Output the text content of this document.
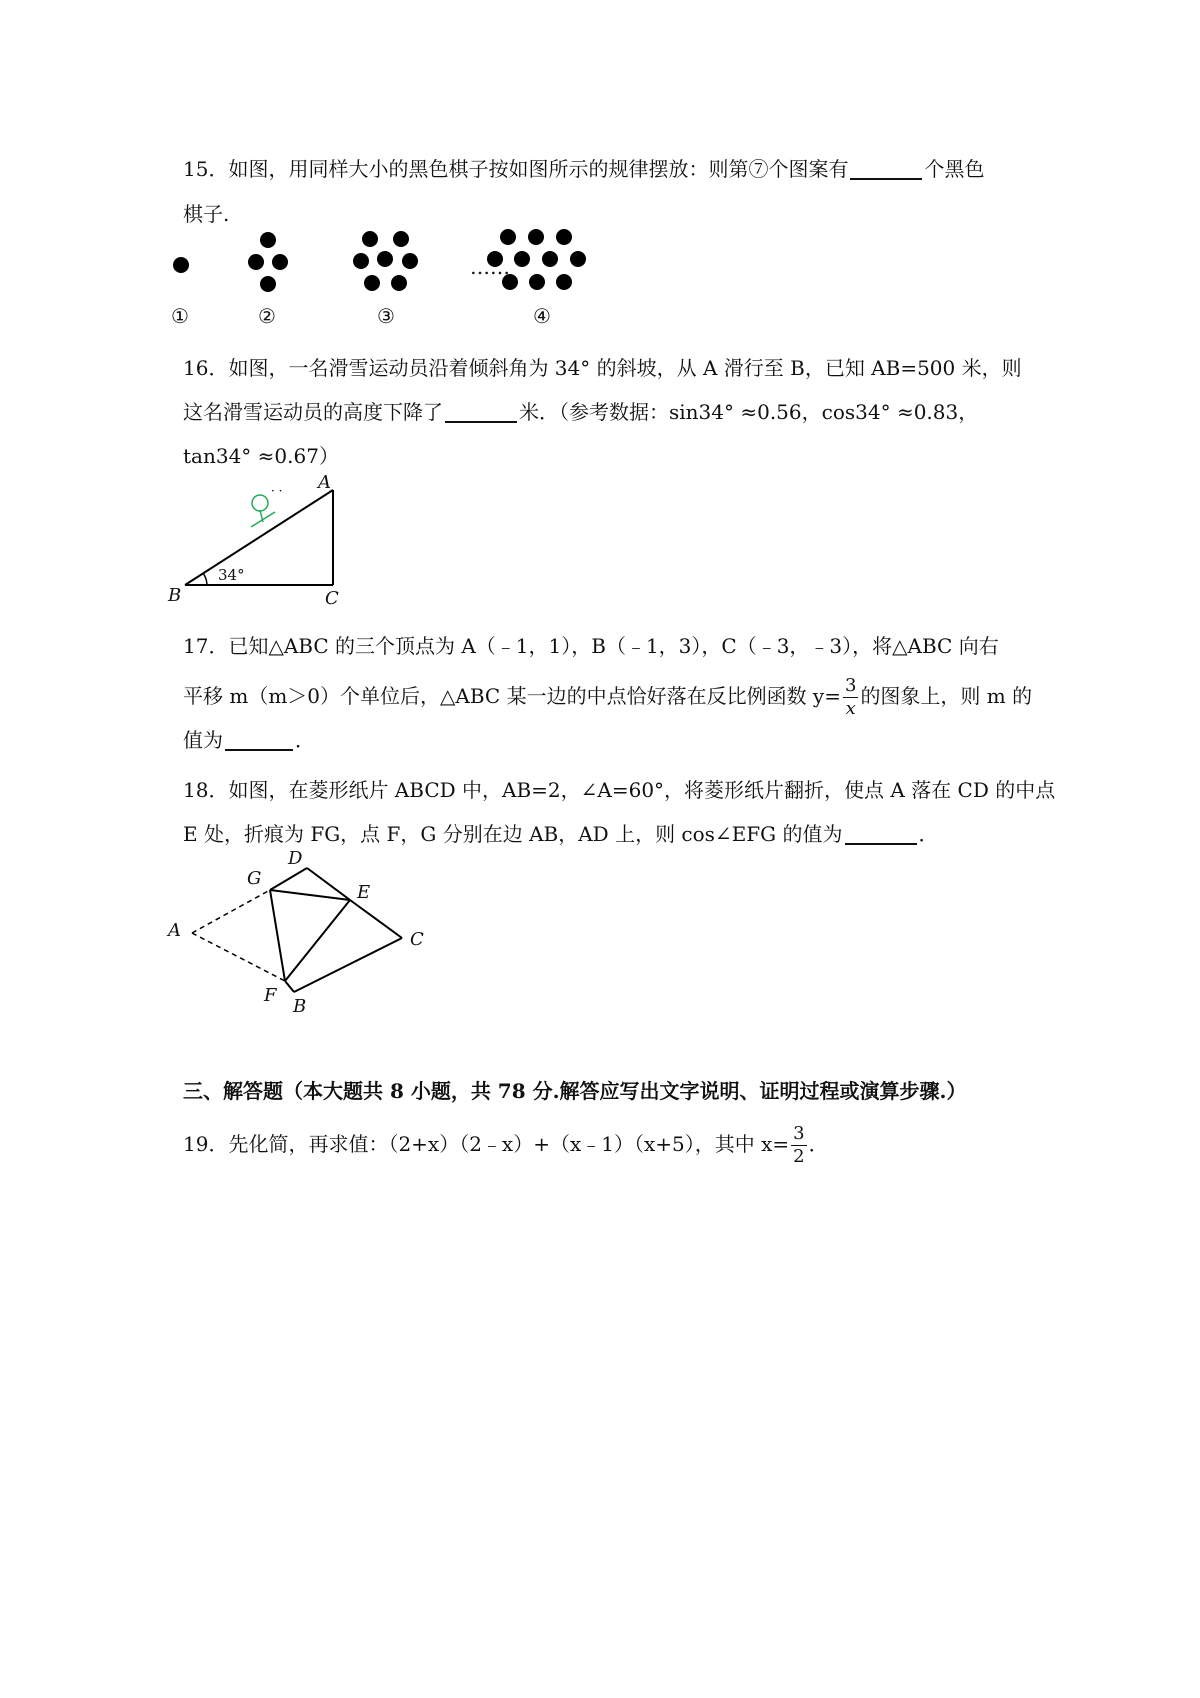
15．如图，用同样大小的黑色棋子按如图所示的规律摆放：则第⑦个图案有	个黑色
棋子.
……
①	②	③	④
16．如图，一名滑雪运动员沿着倾斜角为 34° 的斜坡，从 A 滑行至 B，已知 AB=500 米，则
这名滑雪运动员的高度下降了	米．（参考数据：sin34° ≈0.56，cos34° ≈0.83，
tan34° ≈0.67）
· · A
B	C
34°
17．已知△ABC 的三个顶点为 A（﹣1，1），B（﹣1，3），C（﹣3，﹣3），将△ABC 向右
平移 m（m＞0）个单位后，△ABC 某一边的中点恰好落在反比例函数 $y= \frac{3}{x}$ 的图象上，则 m 的
值为	．
18．如图，在菱形纸片 ABCD 中，AB=2，∠A=60°，将菱形纸片翻折，使点 A 落在 CD 的中点
E 处，折痕为 FG，点 F，G 分别在边 AB，AD 上，则 cos∠EFG 的值为	．
A
B
C
D
E
F
G
三、解答题（本大题共 8 小题，共 78 分.解答应写出文字说明、证明过程或演算步骤.）
19．先化简，再求值：（2+x）（2﹣x）+（x﹣1）（x+5），其中 $x= \frac{3}{2}$ ．
